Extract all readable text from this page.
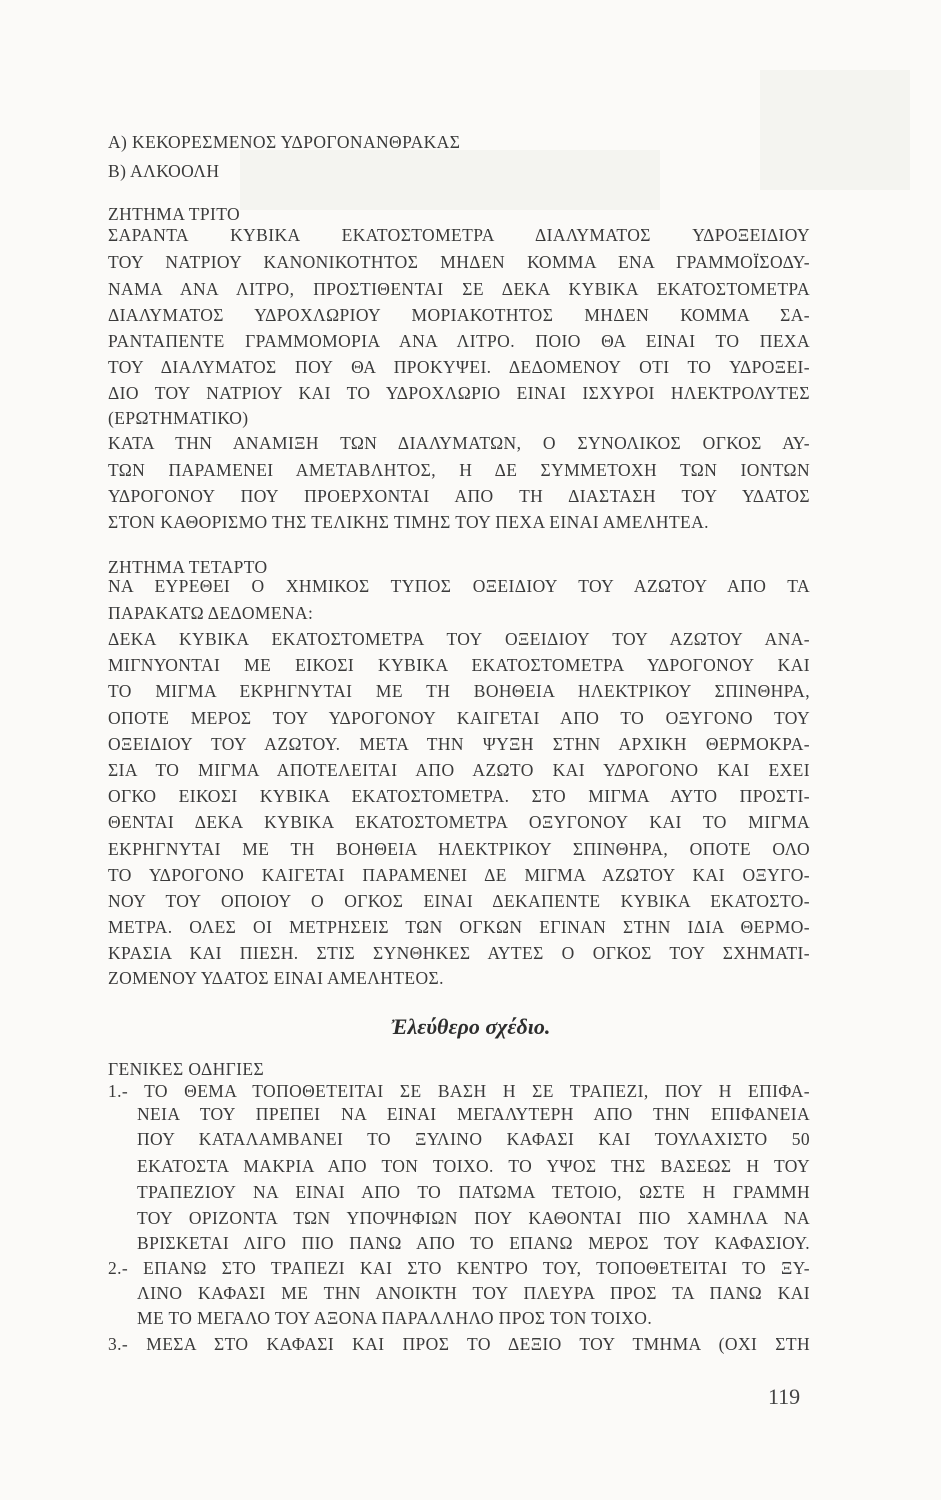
Α) ΚΕΚΟΡΕΣΜΕΝΟΣ ΥΔΡΟΓΟΝΑΝΘΡΑΚΑΣ
Β) ΑΛΚΟΟΛΗ
ΖΗΤΗΜΑ ΤΡΙΤΟ
ΣΑΡΑΝΤΑ ΚΥΒΙΚΑ ΕΚΑΤΟΣΤΟΜΕΤΡΑ ΔΙΑΛΥΜΑΤΟΣ ΥΔΡΟΞΕΙΔΙΟΥ
ΤΟΥ ΝΑΤΡΙΟΥ ΚΑΝΟΝΙΚΟΤΗΤΟΣ ΜΗΔΕΝ ΚΟΜΜΑ ΕΝΑ ΓΡΑΜΜΟΪΣΟΔΥ-
ΝΑΜΑ ΑΝΑ ΛΙΤΡΟ, ΠΡΟΣΤΙΘΕΝΤΑΙ ΣΕ ΔΕΚΑ ΚΥΒΙΚΑ ΕΚΑΤΟΣΤΟΜΕΤΡΑ
ΔΙΑΛΥΜΑΤΟΣ ΥΔΡΟΧΛΩΡΙΟΥ ΜΟΡΙΑΚΟΤΗΤΟΣ ΜΗΔΕΝ ΚΟΜΜΑ ΣΑ-
ΡΑΝΤΑΠΕΝΤΕ ΓΡΑΜΜΟΜΟΡΙΑ ΑΝΑ ΛΙΤΡΟ. ΠΟΙΟ ΘΑ ΕΙΝΑΙ ΤΟ ΠΕΧΑ
ΤΟΥ ΔΙΑΛΥΜΑΤΟΣ ΠΟΥ ΘΑ ΠΡΟΚΥΨΕΙ. ΔΕΔΟΜΕΝΟΥ ΟΤΙ ΤΟ ΥΔΡΟΞΕΙ-
ΔΙΟ ΤΟΥ ΝΑΤΡΙΟΥ ΚΑΙ ΤΟ ΥΔΡΟΧΛΩΡΙΟ ΕΙΝΑΙ ΙΣΧΥΡΟΙ ΗΛΕΚΤΡΟΛΥΤΕΣ
(ΕΡΩΤΗΜΑΤΙΚΟ)
ΚΑΤΑ ΤΗΝ ΑΝΑΜΙΞΗ ΤΩΝ ΔΙΑΛΥΜΑΤΩΝ, Ο ΣΥΝΟΛΙΚΟΣ ΟΓΚΟΣ ΑΥ-
ΤΩΝ ΠΑΡΑΜΕΝΕΙ ΑΜΕΤΑΒΛΗΤΟΣ, Η ΔΕ ΣΥΜΜΕΤΟΧΗ ΤΩΝ ΙΟΝΤΩΝ
ΥΔΡΟΓΟΝΟΥ ΠΟΥ ΠΡΟΕΡΧΟΝΤΑΙ ΑΠΟ ΤΗ ΔΙΑΣΤΑΣΗ ΤΟΥ ΥΔΑΤΟΣ
ΣΤΟΝ ΚΑΘΟΡΙΣΜΟ ΤΗΣ ΤΕΛΙΚΗΣ ΤΙΜΗΣ ΤΟΥ ΠΕΧΑ ΕΙΝΑΙ ΑΜΕΛΗΤΕΑ.
ΖΗΤΗΜΑ ΤΕΤΑΡΤΟ
ΝΑ ΕΥΡΕΘΕΙ Ο ΧΗΜΙΚΟΣ ΤΥΠΟΣ ΟΞΕΙΔΙΟΥ ΤΟΥ ΑΖΩΤΟΥ ΑΠΟ ΤΑ
ΠΑΡΑΚΑΤΩ ΔΕΔΟΜΕΝΑ:
ΔΕΚΑ ΚΥΒΙΚΑ ΕΚΑΤΟΣΤΟΜΕΤΡΑ ΤΟΥ ΟΞΕΙΔΙΟΥ ΤΟΥ ΑΖΩΤΟΥ ΑΝΑ-
ΜΙΓΝΥΟΝΤΑΙ ΜΕ ΕΙΚΟΣΙ ΚΥΒΙΚΑ ΕΚΑΤΟΣΤΟΜΕΤΡΑ ΥΔΡΟΓΟΝΟΥ ΚΑΙ
ΤΟ ΜΙΓΜΑ ΕΚΡΗΓΝΥΤΑΙ ΜΕ ΤΗ ΒΟΗΘΕΙΑ ΗΛΕΚΤΡΙΚΟΥ ΣΠΙΝΘΗΡΑ,
ΟΠΟΤΕ ΜΕΡΟΣ ΤΟΥ ΥΔΡΟΓΟΝΟΥ ΚΑΙΓΕΤΑΙ ΑΠΟ ΤΟ ΟΞΥΓΟΝΟ ΤΟΥ
ΟΞΕΙΔΙΟΥ ΤΟΥ ΑΖΩΤΟΥ. ΜΕΤΑ ΤΗΝ ΨΥΞΗ ΣΤΗΝ ΑΡΧΙΚΗ ΘΕΡΜΟΚΡΑ-
ΣΙΑ ΤΟ ΜΙΓΜΑ ΑΠΟΤΕΛΕΙΤΑΙ ΑΠΟ ΑΖΩΤΟ ΚΑΙ ΥΔΡΟΓΟΝΟ ΚΑΙ ΕΧΕΙ
ΟΓΚΟ ΕΙΚΟΣΙ ΚΥΒΙΚΑ ΕΚΑΤΟΣΤΟΜΕΤΡΑ. ΣΤΟ ΜΙΓΜΑ ΑΥΤΟ ΠΡΟΣΤΙ-
ΘΕΝΤΑΙ ΔΕΚΑ ΚΥΒΙΚΑ ΕΚΑΤΟΣΤΟΜΕΤΡΑ ΟΞΥΓΟΝΟΥ ΚΑΙ ΤΟ ΜΙΓΜΑ
ΕΚΡΗΓΝΥΤΑΙ ΜΕ ΤΗ ΒΟΗΘΕΙΑ ΗΛΕΚΤΡΙΚΟΥ ΣΠΙΝΘΗΡΑ, ΟΠΟΤΕ ΟΛΟ
ΤΟ ΥΔΡΟΓΟΝΟ ΚΑΙΓΕΤΑΙ ΠΑΡΑΜΕΝΕΙ ΔΕ ΜΙΓΜΑ ΑΖΩΤΟΥ ΚΑΙ ΟΞΥΓΟ-
ΝΟΥ ΤΟΥ ΟΠΟΙΟΥ Ο ΟΓΚΟΣ ΕΙΝΑΙ ΔΕΚΑΠΕΝΤΕ ΚΥΒΙΚΑ ΕΚΑΤΟΣΤΟ-
ΜΕΤΡΑ. ΟΛΕΣ ΟΙ ΜΕΤΡΗΣΕΙΣ ΤΩΝ ΟΓΚΩΝ ΕΓΙΝΑΝ ΣΤΗΝ ΙΔΙΑ ΘΕΡΜΟ-
ΚΡΑΣΙΑ ΚΑΙ ΠΙΕΣΗ. ΣΤΙΣ ΣΥΝΘΗΚΕΣ ΑΥΤΕΣ Ο ΟΓΚΟΣ ΤΟΥ ΣΧΗΜΑΤΙ-
ΖΟΜΕΝΟΥ ΥΔΑΤΟΣ ΕΙΝΑΙ ΑΜΕΛΗΤΕΟΣ.
Ἐλεύθερο σχέδιο.
ΓΕΝΙΚΕΣ ΟΔΗΓΙΕΣ
1.- ΤΟ ΘΕΜΑ ΤΟΠΟΘΕΤΕΙΤΑΙ ΣΕ ΒΑΣΗ Η ΣΕ ΤΡΑΠΕΖΙ, ΠΟΥ Η ΕΠΙΦΑ-
ΝΕΙΑ ΤΟΥ ΠΡΕΠΕΙ ΝΑ ΕΙΝΑΙ ΜΕΓΑΛΥΤΕΡΗ ΑΠΟ ΤΗΝ ΕΠΙΦΑΝΕΙΑ
ΠΟΥ ΚΑΤΑΛΑΜΒΑΝΕΙ ΤΟ ΞΥΛΙΝΟ ΚΑΦΑΣΙ ΚΑΙ ΤΟΥΛΑΧΙΣΤΟ 50
ΕΚΑΤΟΣΤΑ ΜΑΚΡΙΑ ΑΠΟ ΤΟΝ ΤΟΙΧΟ. ΤΟ ΥΨΟΣ ΤΗΣ ΒΑΣΕΩΣ Η ΤΟΥ
ΤΡΑΠΕΖΙΟΥ ΝΑ ΕΙΝΑΙ ΑΠΟ ΤΟ ΠΑΤΩΜΑ ΤΕΤΟΙΟ, ΩΣΤΕ Η ΓΡΑΜΜΗ
ΤΟΥ ΟΡΙΖΟΝΤΑ ΤΩΝ ΥΠΟΨΗΦΙΩΝ ΠΟΥ ΚΑΘΟΝΤΑΙ ΠΙΟ ΧΑΜΗΛΑ ΝΑ
ΒΡΙΣΚΕΤΑΙ ΛΙΓΟ ΠΙΟ ΠΑΝΩ ΑΠΟ ΤΟ ΕΠΑΝΩ ΜΕΡΟΣ ΤΟΥ ΚΑΦΑΣΙΟΥ.
2.- ΕΠΑΝΩ ΣΤΟ ΤΡΑΠΕΖΙ ΚΑΙ ΣΤΟ ΚΕΝΤΡΟ ΤΟΥ, ΤΟΠΟΘΕΤΕΙΤΑΙ ΤΟ ΞΥ-
ΛΙΝΟ ΚΑΦΑΣΙ ΜΕ ΤΗΝ ΑΝΟΙΚΤΗ ΤΟΥ ΠΛΕΥΡΑ ΠΡΟΣ ΤΑ ΠΑΝΩ ΚΑΙ
ΜΕ ΤΟ ΜΕΓΑΛΟ ΤΟΥ ΑΞΟΝΑ ΠΑΡΑΛΛΗΛΟ ΠΡΟΣ ΤΟΝ ΤΟΙΧΟ.
3.- ΜΕΣΑ ΣΤΟ ΚΑΦΑΣΙ ΚΑΙ ΠΡΟΣ ΤΟ ΔΕΞΙΟ ΤΟΥ ΤΜΗΜΑ (ΟΧΙ ΣΤΗ
119
